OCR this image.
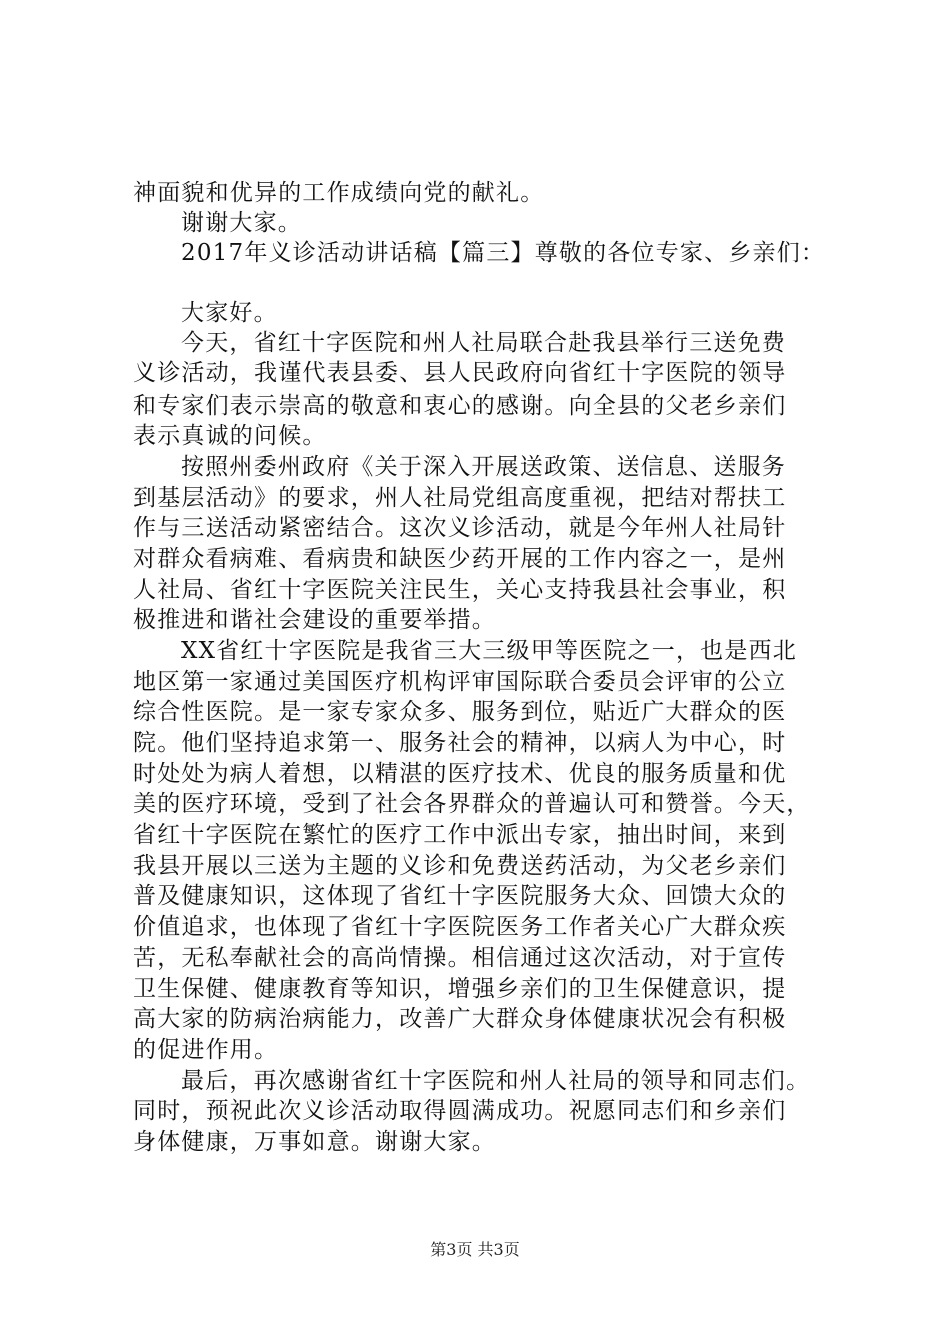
神面貌和优异的工作成绩向党的献礼。
谢谢大家。
2017年义诊活动讲话稿【篇三】尊敬的各位专家、乡亲们：
大家好。
今天，省红十字医院和州人社局联合赴我县举行三送免费
义诊活动，我谨代表县委、县人民政府向省红十字医院的领导
和专家们表示崇高的敬意和衷心的感谢。向全县的父老乡亲们
表示真诚的问候。
按照州委州政府《关于深入开展送政策、送信息、送服务
到基层活动》的要求，州人社局党组高度重视，把结对帮扶工
作与三送活动紧密结合。这次义诊活动，就是今年州人社局针
对群众看病难、看病贵和缺医少药开展的工作内容之一，是州
人社局、省红十字医院关注民生，关心支持我县社会事业，积
极推进和谐社会建设的重要举措。
XX省红十字医院是我省三大三级甲等医院之一，也是西北
地区第一家通过美国医疗机构评审国际联合委员会评审的公立
综合性医院。是一家专家众多、服务到位，贴近广大群众的医
院。他们坚持追求第一、服务社会的精神，以病人为中心，时
时处处为病人着想，以精湛的医疗技术、优良的服务质量和优
美的医疗环境，受到了社会各界群众的普遍认可和赞誉。今天，
省红十字医院在繁忙的医疗工作中派出专家，抽出时间，来到
我县开展以三送为主题的义诊和免费送药活动，为父老乡亲们
普及健康知识，这体现了省红十字医院服务大众、回馈大众的
价值追求，也体现了省红十字医院医务工作者关心广大群众疾
苦，无私奉献社会的高尚情操。相信通过这次活动，对于宣传
卫生保健、健康教育等知识，增强乡亲们的卫生保健意识，提
高大家的防病治病能力，改善广大群众身体健康状况会有积极
的促进作用。
最后，再次感谢省红十字医院和州人社局的领导和同志们。
同时，预祝此次义诊活动取得圆满成功。祝愿同志们和乡亲们
身体健康，万事如意。谢谢大家。
第3页 共3页
